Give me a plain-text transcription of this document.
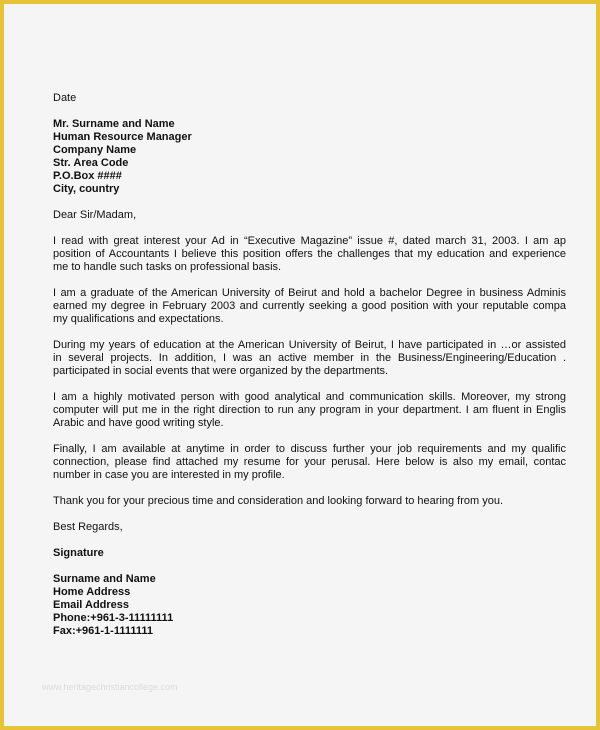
Date
Mr. Surname and Name
Human Resource Manager
Company Name
Str. Area Code
P.O.Box ####
City, country
Dear Sir/Madam,
I read with great interest your Ad in “Executive Magazine” issue #, dated march 31, 2003. I am ap
position of Accountants I believe this position offers the challenges that my education and experience
me to handle such tasks on professional basis.
I am a graduate of the American University of Beirut and hold a bachelor Degree in business Adminis
earned my degree in February 2003 and currently seeking a good position with your reputable compa
my qualifications and expectations.
During my years of education at the American University of Beirut, I have participated in …or assisted
in several projects. In addition, I was an active member in the Business/Engineering/Education .
participated in social events that were organized by the departments.
I am a highly motivated person with good analytical and communication skills. Moreover, my strong
computer will put me in the right direction to run any program in your department. I am fluent in Englis
Arabic and have good writing style.
Finally, I am available at anytime in order to discuss further your job requirements and my qualific
connection, please find attached my resume for your perusal. Here below is also my email, contac
number in case you are interested in my profile.
Thank you for your precious time and consideration and looking forward to hearing from you.
Best Regards,
Signature
Surname and Name
Home Address
Email Address
Phone:+961-3-11111111
Fax:+961-1-1111111
www.heritagechristiancollege.com
